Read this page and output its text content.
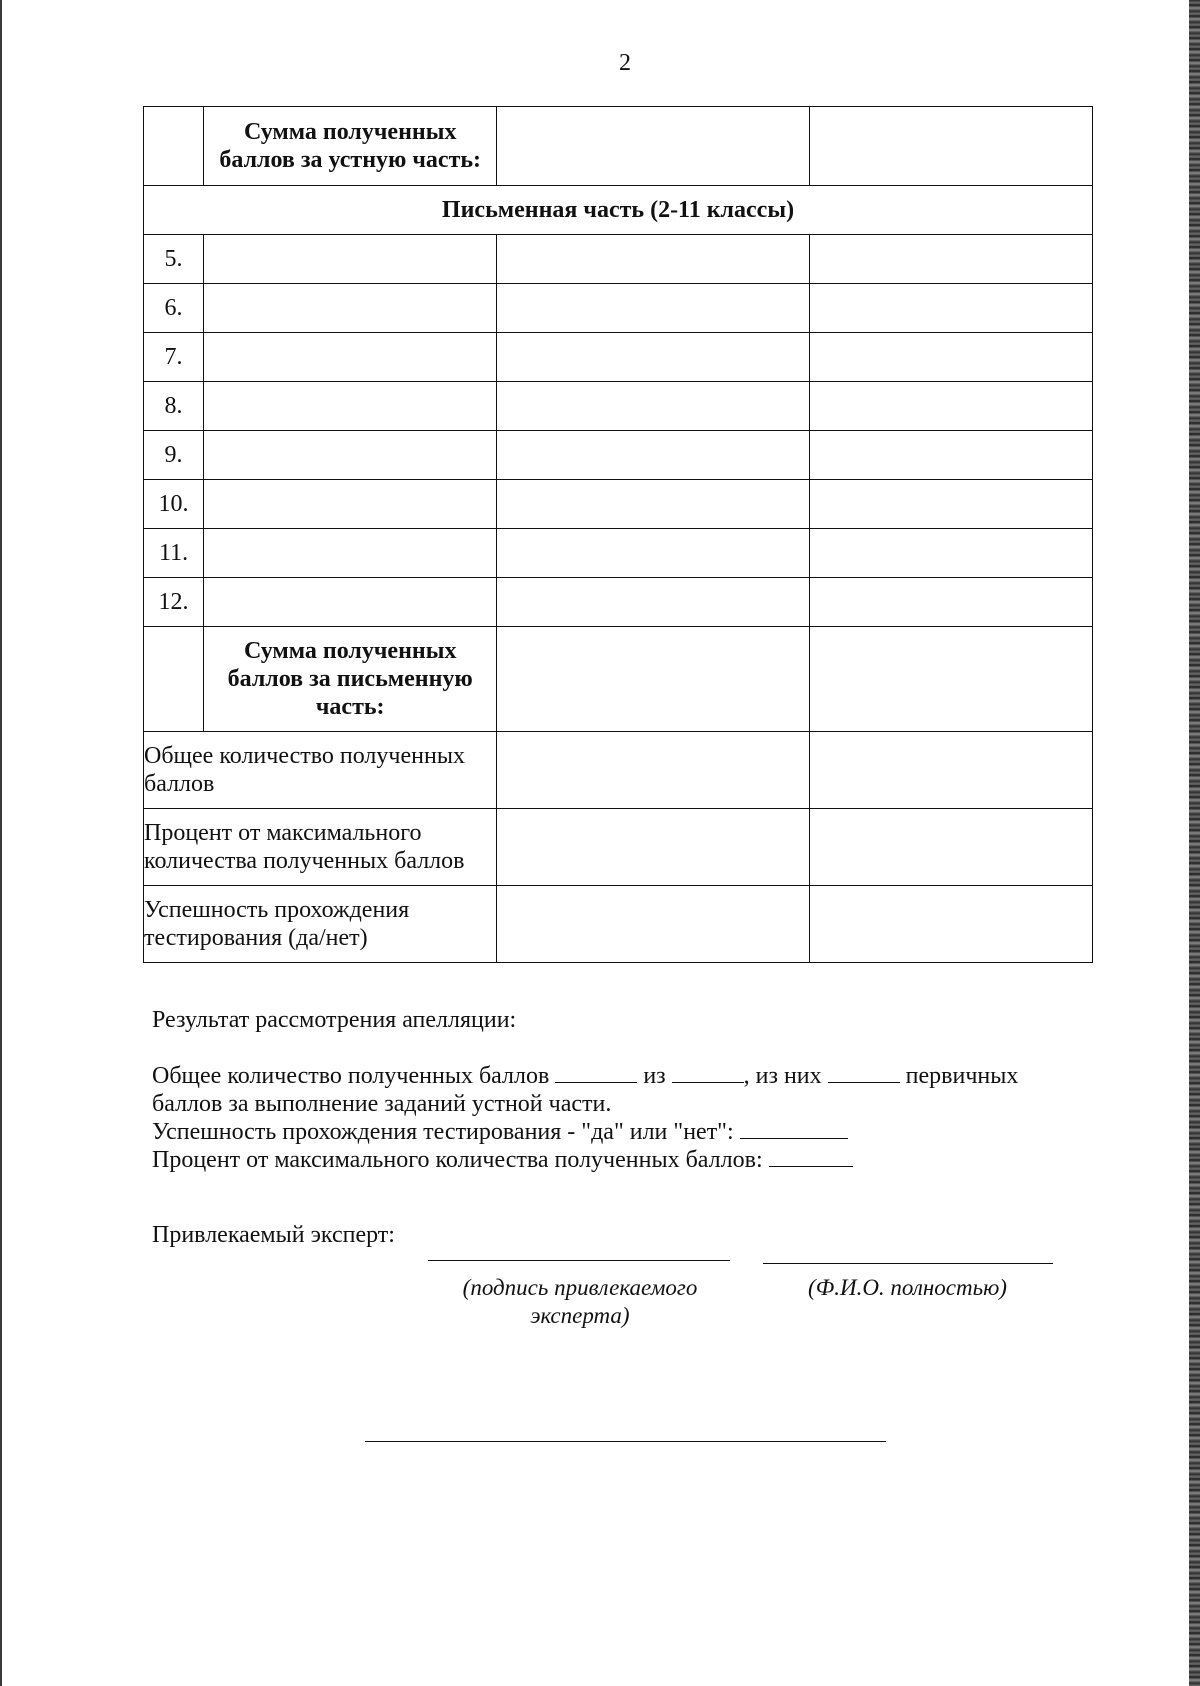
2
	Сумма полученных баллов за устную часть:		
Письменная часть (2-11 классы)			
5.			
6.			
7.			
8.			
9.			
10.			
11.			
12.			
	Сумма полученных баллов за письменную часть:		
Общее количество полученных баллов			
Процент от максимального количества полученных баллов			
Успешность прохождения тестирования (да/нет)			

Результат рассмотрения апелляции:

Общее количество полученных баллов	из	, из них	первичных

баллов за выполнение заданий устной части.

Успешность прохождения тестирования - "да" или "нет":

Процент от максимального количества полученных баллов:

Привлекаемый эксперт:
(подпись привлекаемого эксперта)
(Ф.И.О. полностью)
